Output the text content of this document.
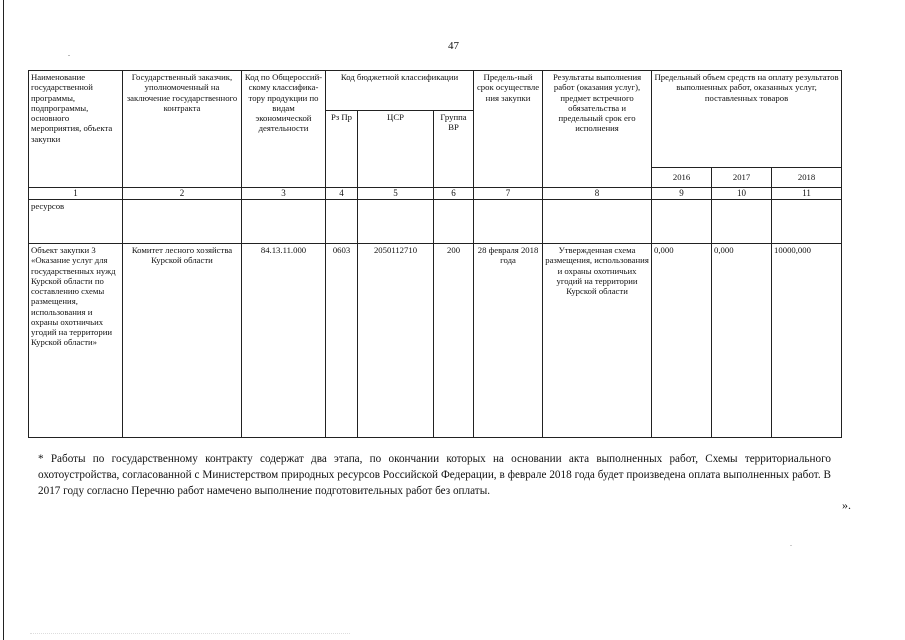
47
Наименование государственной программы, подпрограммы, основного мероприятия, объекта закупки	Государственный заказчик, уполномоченный на заключение государственного контракта	Код по Общероссий-скому классифика-тору продукции по видам экономической деятельности	Код бюджетной классификации			Предель-ный срок осуществле ния закупки	Результаты выполнения работ (оказания услуг), предмет встречного обязательства и предельный срок его исполнения	Предельный объем средств на оплату результатов выполненных работ, оказанных услуг, поставленных товаров		
			Рз Пр	ЦСР	Группа ВР					
								2016	2017	2018
1	2	3	4	5	6	7	8	9	10	11
ресурсов										
Объект закупки 3 «Оказание услуг для государственных нужд Курской области по составлению схемы размещения, использования и охраны охотничьих угодий на территории Курской области»	Комитет лесного хозяйства Курской области	84.13.11.000	0603	2050112710	200	28 февраля 2018 года	Утвержденная схема размещения, использования и охраны охотничьих угодий на территории Курской области	0,000	0,000	10000,000
* Работы по государственному контракту содержат два этапа, по окончании которых на основании акта выполненных работ, Схемы территориального охотоустройства, согласованной с Министерством природных ресурсов Российской Федерации, в феврале 2018 года будет произведена оплата выполненных работ. В 2017 году согласно Перечню работ намечено выполнение подготовительных работ без оплаты.
».
